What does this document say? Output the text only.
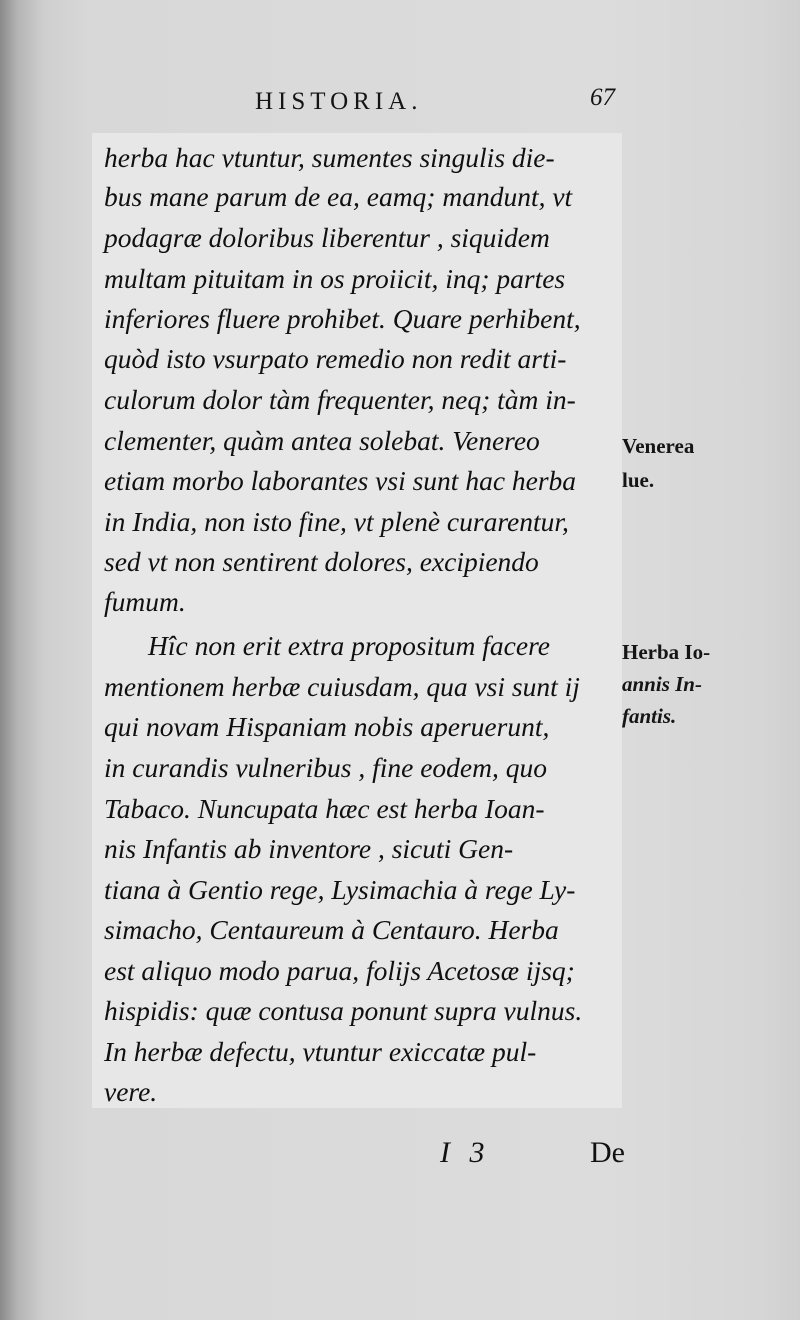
HISTORIA.	67
herba hac vtuntur, sumentes singulis die-
bus mane parum de ea, eamq; mandunt, vt
podagræ doloribus liberentur , siquidem
multam pituitam in os proiicit, inq; partes
inferiores fluere prohibet. Quare perhibent,
quòd isto vsurpato remedio non redit arti-
culorum dolor tàm frequenter, neq; tàm in-
clementer, quàm antea solebat. Venereo
etiam morbo laborantes vsi sunt hac herba
in India, non isto fine, vt plenè curarentur,
sed vt non sentirent dolores, excipiendo
fumum.
Hîc non erit extra propositum facere
mentionem herbæ cuiusdam, qua vsi sunt ij
qui novam Hispaniam nobis aperuerunt,
in curandis vulneribus , fine eodem, quo
Tabaco. Nuncupata hæc est herba Ioan-
nis Infantis ab inventore , sicuti Gen-
tiana à Gentio rege, Lysimachia à rege Ly-
simacho, Centaureum à Centauro. Herba
est aliquo modo parua, folijs Acetosæ ijsq;
hispidis: quæ contusa ponunt supra vulnus.
In herbæ defectu, vtuntur exiccatæ pul-
vere.
Venerea
lue.
Herba Io-
annis In-
fantis.
I 3	De
